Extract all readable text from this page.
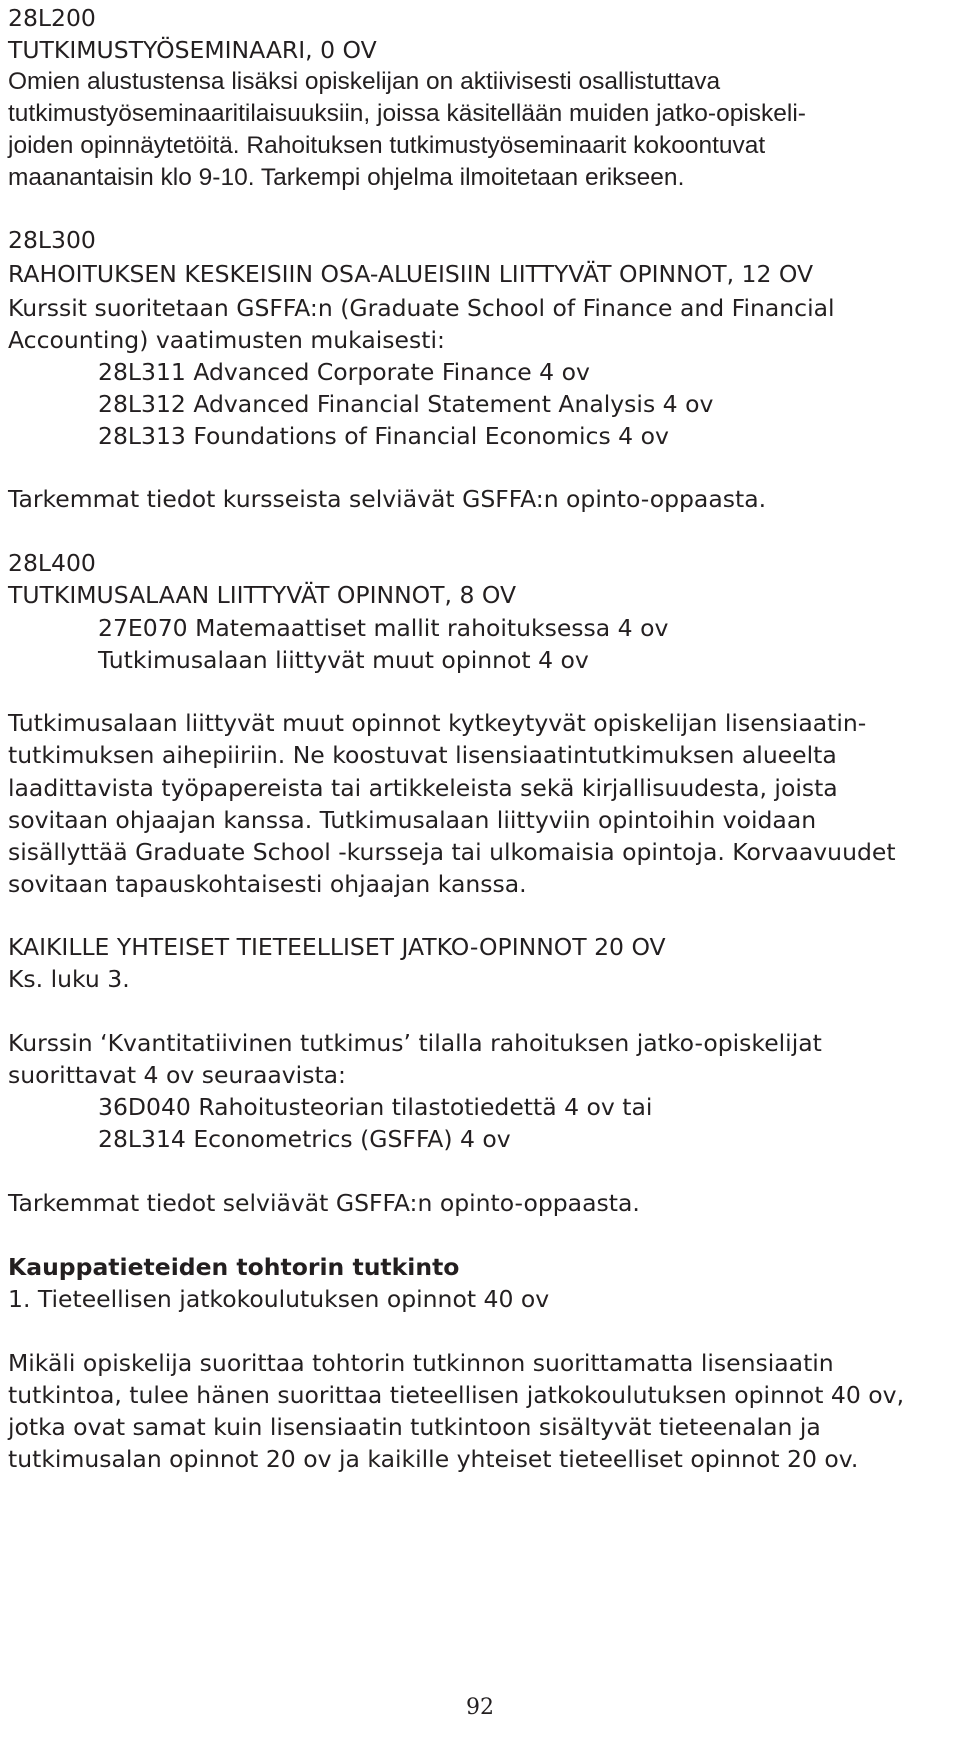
28L200
TUTKIMUSTYÖSEMINAARI, 0 OV
Omien alustustensa lisäksi opiskelijan on aktiivisesti osallistuttava
tutkimustyöseminaaritilaisuuksiin, joissa käsitellään muiden jatko-opiskeli-
joiden opinnäytetöitä. Rahoituksen tutkimustyöseminaarit kokoontuvat
maanantaisin klo 9-10. Tarkempi ohjelma ilmoitetaan erikseen.
28L300
RAHOITUKSEN KESKEISIIN OSA-ALUEISIIN LIITTYVÄT OPINNOT, 12 OV
Kurssit suoritetaan GSFFA:n (Graduate School of Finance and Financial
Accounting) vaatimusten mukaisesti:
28L311 Advanced Corporate Finance 4 ov
28L312 Advanced Financial Statement Analysis 4 ov
28L313 Foundations of Financial Economics 4 ov
Tarkemmat tiedot kursseista selviävät GSFFA:n opinto-oppaasta.
28L400
TUTKIMUSALAAN LIITTYVÄT OPINNOT, 8 OV
27E070 Matemaattiset mallit rahoituksessa 4 ov
Tutkimusalaan liittyvät muut opinnot 4 ov
Tutkimusalaan liittyvät muut opinnot kytkeytyvät opiskelijan lisensiaatin-
tutkimuksen aihepiiriin. Ne koostuvat lisensiaatintutkimuksen alueelta
laadittavista työpapereista tai artikkeleista sekä kirjallisuudesta, joista
sovitaan ohjaajan kanssa. Tutkimusalaan liittyviin opintoihin voidaan
sisällyttää Graduate School -kursseja tai ulkomaisia opintoja. Korvaavuudet
sovitaan tapauskohtaisesti ohjaajan kanssa.
KAIKILLE YHTEISET TIETEELLISET JATKO-OPINNOT 20 OV
Ks. luku 3.
Kurssin ‘Kvantitatiivinen tutkimus’ tilalla rahoituksen jatko-opiskelijat
suorittavat 4 ov seuraavista:
36D040 Rahoitusteorian tilastotiedettä 4 ov tai
28L314 Econometrics (GSFFA) 4 ov
Tarkemmat tiedot selviävät GSFFA:n opinto-oppaasta.
Kauppatieteiden tohtorin tutkinto
1. Tieteellisen jatkokoulutuksen opinnot 40 ov
Mikäli opiskelija suorittaa tohtorin tutkinnon suorittamatta lisensiaatin
tutkintoa, tulee hänen suorittaa tieteellisen jatkokoulutuksen opinnot 40 ov,
jotka ovat samat kuin lisensiaatin tutkintoon sisältyvät tieteenalan ja
tutkimusalan opinnot 20 ov ja kaikille yhteiset tieteelliset opinnot 20 ov.
92
